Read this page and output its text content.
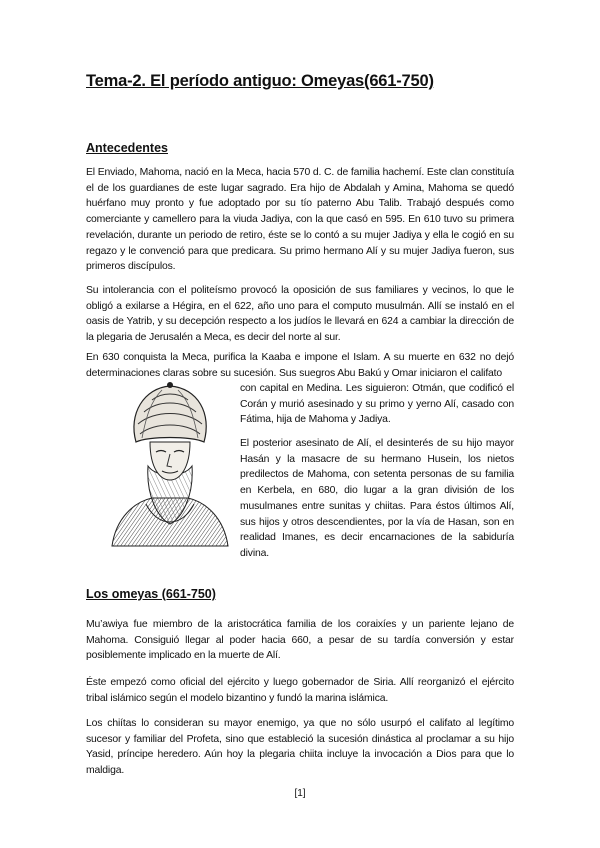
Tema-2. El período antiguo: Omeyas(661-750)
Antecedentes

El Enviado, Mahoma, nació en la Meca, hacia 570 d. C. de familia hachemí. Este clan constituía el de los guardianes de este lugar sagrado. Era hijo de Abdalah y Amina, Mahoma se quedó huérfano muy pronto y fue adoptado por su tío paterno Abu Talib. Trabajó después como comerciante y camellero para la viuda Jadiya, con la que casó en 595. En 610 tuvo su primera revelación, durante un periodo de retiro, éste se lo contó a su mujer Jadiya y ella le cogió en su regazo y le convenció para que predicara. Su primo hermano Alí y su mujer Jadiya fueron, sus primeros discípulos.

Su intolerancia con el politeísmo provocó la oposición de sus familiares y vecinos, lo que le obligó a exilarse a Hégira, en el 622, año uno para el computo musulmán. Allí se instaló en el oasis de Yatrib, y su decepción respecto a los judíos le llevará en 624 a cambiar la dirección de la plegaria de Jerusalén a Meca, es decir del norte al sur.

En 630 conquista la Meca, purifica la Kaaba e impone el Islam. A su muerte en 632 no dejó determinaciones claras sobre su sucesión. Sus suegros Abu Bakú y Omar iniciaron el califato

con capital en Medina. Les siguieron: Otmán, que codificó el Corán y murió asesinado y su primo y yerno Alí, casado con Fátima, hija de Mahoma y Jadiya.

El posterior asesinato de Alí, el desinterés de su hijo mayor Hasán y la masacre de su hermano Husein, los nietos predilectos de Mahoma, con setenta personas de su familia en Kerbela, en 680, dio lugar a la gran división de los musulmanes entre sunitas y chiitas. Para éstos últimos Alí, sus hijos y otros descendientes, por la vía de Hasan, son en realidad Imanes, es decir encarnaciones de la sabiduría divina.

Los omeyas (661-750)

Mu’awiya fue miembro de la aristocrática familia de los coraixíes y un pariente lejano de Mahoma. Consiguió llegar al poder hacia 660, a pesar de su tardía conversión y estar posiblemente implicado en la muerte de Alí.

Éste empezó como oficial del ejército y luego gobernador de Siria. Allí reorganizó el ejército tribal islámico según el modelo bizantino y fundó la marina islámica.

Los chiítas lo consideran su mayor enemigo, ya que no sólo usurpó el califato al legítimo sucesor y familiar del Profeta, sino que estableció la sucesión dinástica al proclamar a su hijo Yasid, príncipe heredero. Aún hoy la plegaria chiita incluye la invocación a Dios para que lo maldiga.

[1]
